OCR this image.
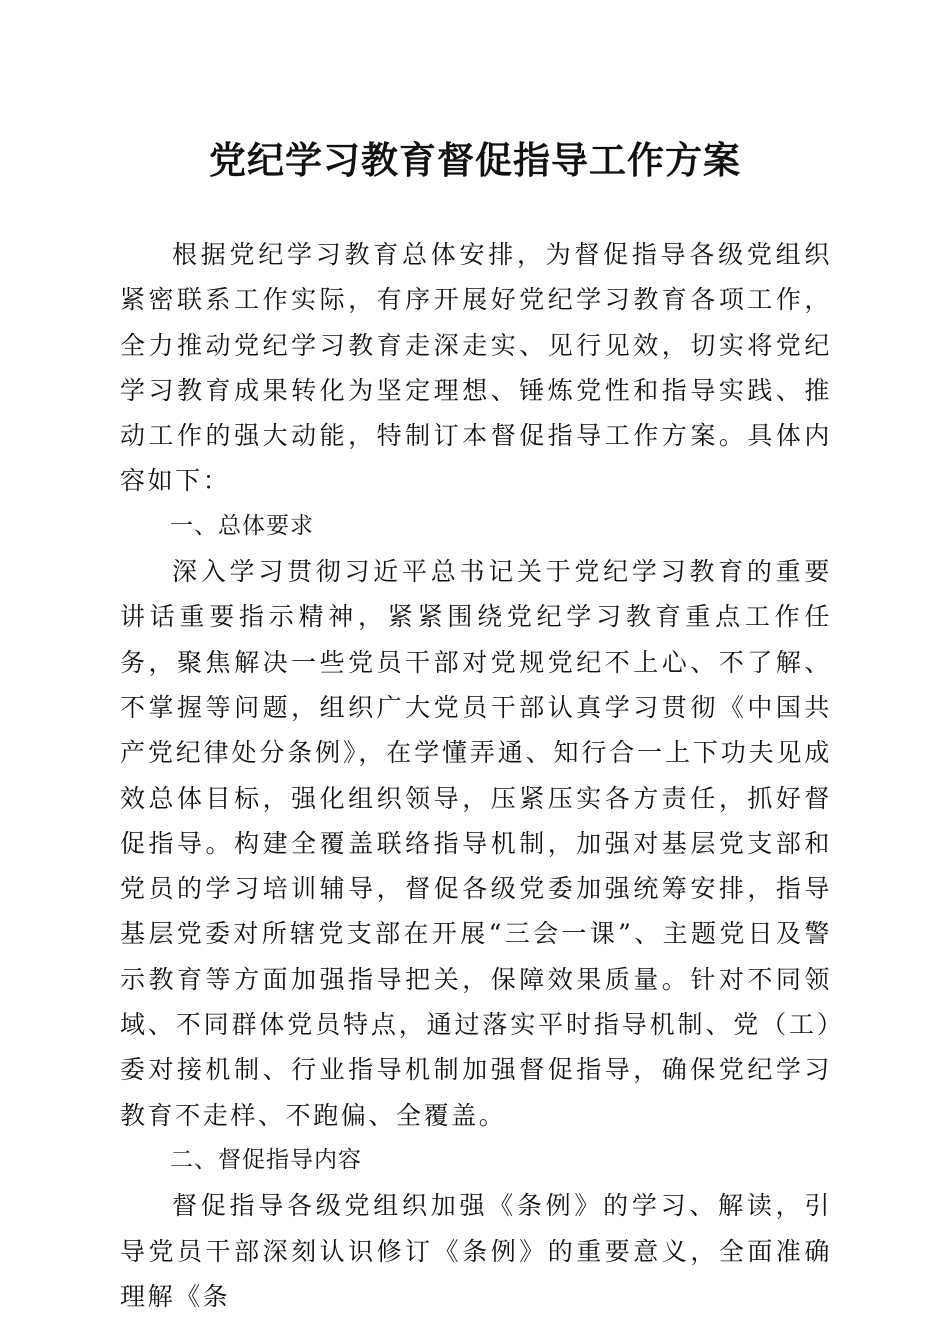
党纪学习教育督促指导工作方案

根据党纪学习教育总体安排，为督促指导各级党组织紧密联系工作实际，有序开展好党纪学习教育各项工作，全力推动党纪学习教育走深走实、见行见效，切实将党纪学习教育成果转化为坚定理想、锤炼党性和指导实践、推动工作的强大动能，特制订本督促指导工作方案。具体内容如下：

一、总体要求

深入学习贯彻习近平总书记关于党纪学习教育的重要讲话重要指示精神，紧紧围绕党纪学习教育重点工作任务，聚焦解决一些党员干部对党规党纪不上心、不了解、不掌握等问题，组织广大党员干部认真学习贯彻《中国共产党纪律处分条例》，在学懂弄通、知行合一上下功夫见成效总体目标，强化组织领导，压紧压实各方责任，抓好督促指导。构建全覆盖联络指导机制，加强对基层党支部和党员的学习培训辅导，督促各级党委加强统筹安排，指导基层党委对所辖党支部在开展“三会一课”、主题党日及警示教育等方面加强指导把关，保障效果质量。针对不同领域、不同群体党员特点，通过落实平时指导机制、党（工）委对接机制、行业指导机制加强督促指导，确保党纪学习教育不走样、不跑偏、全覆盖。

二、督促指导内容

督促指导各级党组织加强《条例》的学习、解读，引导党员干部深刻认识修订《条例》的重要意义，全面准确理解《条
